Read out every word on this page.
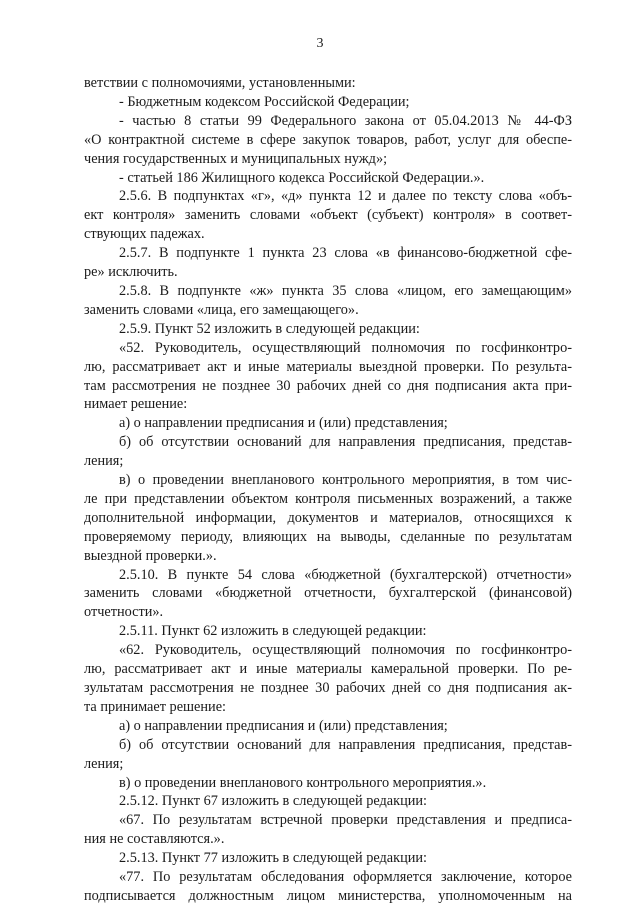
3
ветствии с полномочиями, установленными:
- Бюджетным кодексом Российской Федерации;
- частью 8 статьи 99 Федерального закона от 05.04.2013 № 44-ФЗ
«О контрактной системе в сфере закупок товаров, работ, услуг для обеспе-
чения государственных и муниципальных нужд»;
- статьей 186 Жилищного кодекса Российской Федерации.».
2.5.6. В подпунктах «г», «д» пункта 12 и далее по тексту слова «объ-
ект контроля» заменить словами «объект (субъект) контроля» в соответ-
ствующих падежах.
2.5.7. В подпункте 1 пункта 23 слова «в финансово-бюджетной сфе-
ре» исключить.
2.5.8. В подпункте «ж» пункта 35 слова «лицом, его замещающим»
заменить словами «лица, его замещающего».
2.5.9. Пункт 52 изложить в следующей редакции:
«52. Руководитель, осуществляющий полномочия по госфинконтро-
лю, рассматривает акт и иные материалы выездной проверки. По результа-
там рассмотрения не позднее 30 рабочих дней со дня подписания акта при-
нимает решение:
а) о направлении предписания и (или) представления;
б) об отсутствии оснований для направления предписания, представ-
ления;
в) о проведении внепланового контрольного мероприятия, в том чис-
ле при представлении объектом контроля письменных возражений, а также
дополнительной информации, документов и материалов, относящихся к
проверяемому периоду, влияющих на выводы, сделанные по результатам
выездной проверки.».
2.5.10. В пункте 54 слова «бюджетной (бухгалтерской) отчетности»
заменить словами «бюджетной отчетности, бухгалтерской (финансовой)
отчетности».
2.5.11. Пункт 62 изложить в следующей редакции:
«62. Руководитель, осуществляющий полномочия по госфинконтро-
лю, рассматривает акт и иные материалы камеральной проверки. По ре-
зультатам рассмотрения не позднее 30 рабочих дней со дня подписания ак-
та принимает решение:
а) о направлении предписания и (или) представления;
б) об отсутствии оснований для направления предписания, представ-
ления;
в) о проведении внепланового контрольного мероприятия.».
2.5.12. Пункт 67 изложить в следующей редакции:
«67. По результатам встречной проверки представления и предписа-
ния не составляются.».
2.5.13. Пункт 77 изложить в следующей редакции:
«77. По результатам обследования оформляется заключение, которое
подписывается должностным лицом министерства, уполномоченным на
